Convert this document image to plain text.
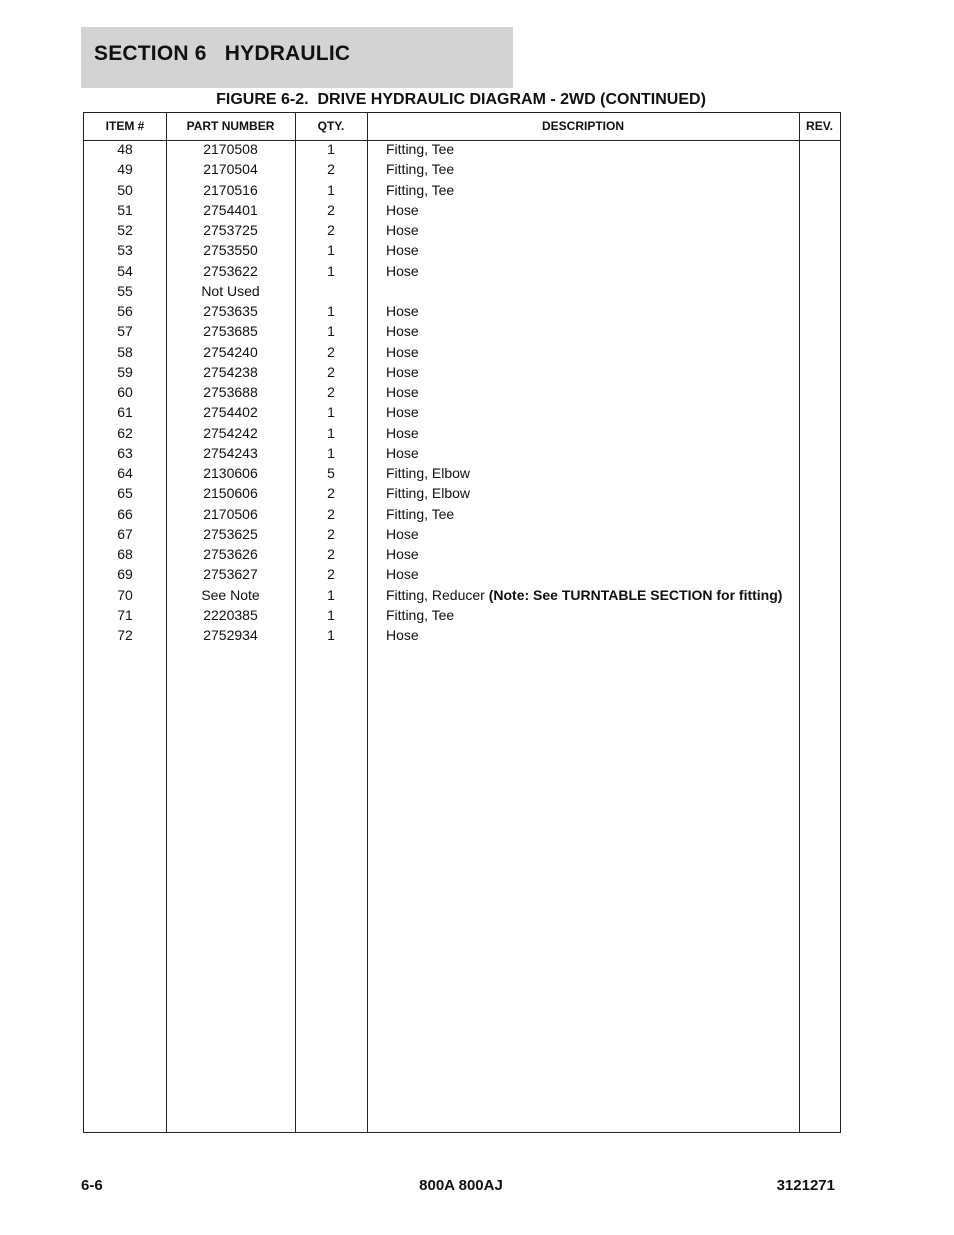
SECTION 6   HYDRAULIC
FIGURE 6-2.  DRIVE HYDRAULIC DIAGRAM - 2WD (CONTINUED)
ITEM #	PART NUMBER	QTY.	DESCRIPTION	REV.
48	2170508	1	Fitting, Tee
49	2170504	2	Fitting, Tee
50	2170516	1	Fitting, Tee
51	2754401	2	Hose
52	2753725	2	Hose
53	2753550	1	Hose
54	2753622	1	Hose
55	Not Used
56	2753635	1	Hose
57	2753685	1	Hose
58	2754240	2	Hose
59	2754238	2	Hose
60	2753688	2	Hose
61	2754402	1	Hose
62	2754242	1	Hose
63	2754243	1	Hose
64	2130606	5	Fitting, Elbow
65	2150606	2	Fitting, Elbow
66	2170506	2	Fitting, Tee
67	2753625	2	Hose
68	2753626	2	Hose
69	2753627	2	Hose
70	See Note	1	Fitting, Reducer (Note: See TURNTABLE SECTION for fitting)
71	2220385	1	Fitting, Tee
72	2752934	1	Hose
6-6	800A 800AJ	3121271
